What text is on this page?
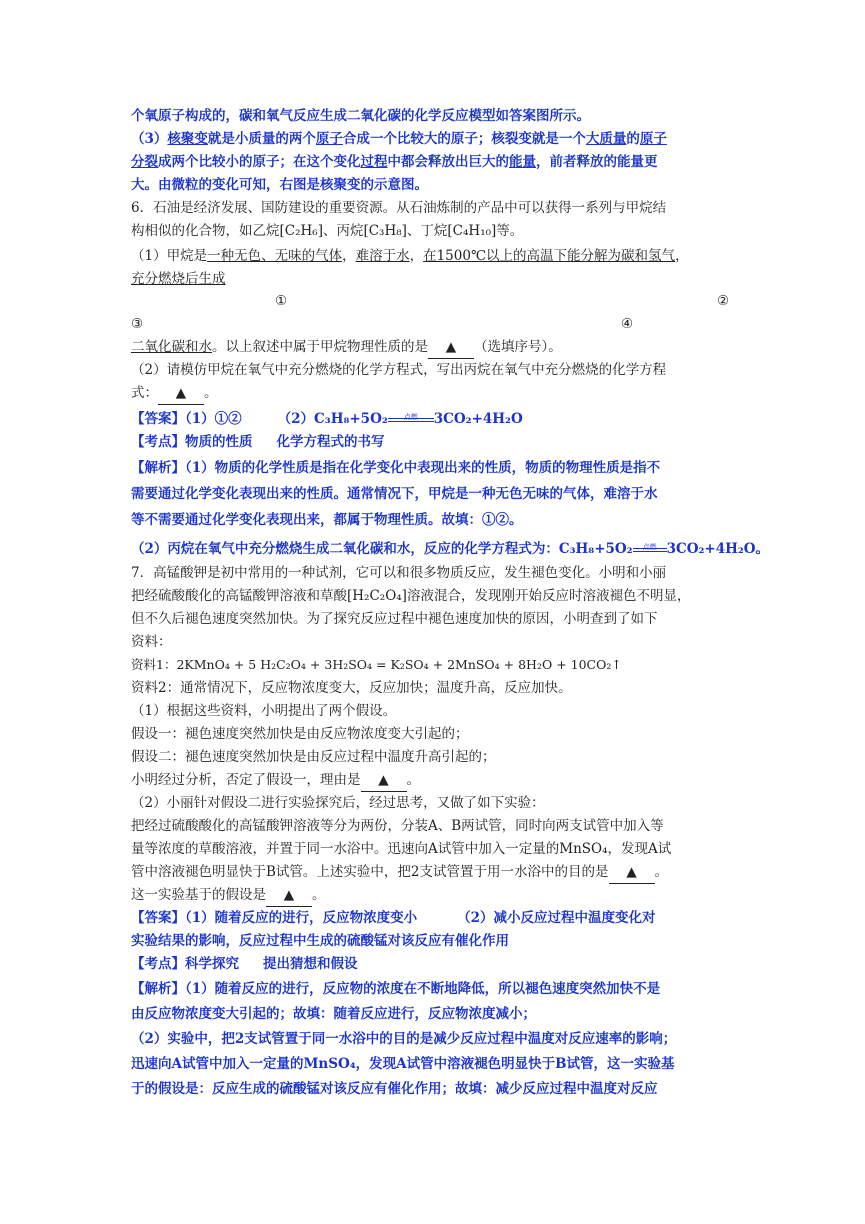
个氧原子构成的，碳和氧气反应生成二氧化碳的化学反应模型如答案图所示。
（3）核聚变就是小质量的两个原子合成一个比较大的原子；核裂变就是一个大质量的原子
分裂成两个比较小的原子；在这个变化过程中都会释放出巨大的能量，前者释放的能量更
大。由微粒的变化可知，右图是核聚变的示意图。
6．石油是经济发展、国防建设的重要资源。从石油炼制的产品中可以获得一系列与甲烷结
构相似的化合物，如乙烷[C₂H₆]、丙烷[C₃H₈]、丁烷[C₄H₁₀]等。
（1）甲烷是一种无色、无味的气体，难溶于水，在1500℃以上的高温下能分解为碳和氢气，
充分燃烧后生成
①	②
③	④
二氧化碳和水。以上叙述中属于甲烷物理性质的是 ▲ （选填序号）。
（2）请模仿甲烷在氧气中充分燃烧的化学方程式，写出丙烷在氧气中充分燃烧的化学方程
式： ▲ 。
【答案】（1）①②	（2）C₃H₈+5O₂	点燃	3CO₂+4H₂O
【考点】物质的性质 化学方程式的书写
【解析】（1）物质的化学性质是指在化学变化中表现出来的性质，物质的物理性质是指不
需要通过化学变化表现出来的性质。通常情况下，甲烷是一种无色无味的气体，难溶于水
等不需要通过化学变化表现出来，都属于物理性质。故填：①②。
（2）丙烷在氧气中充分燃烧生成二氧化碳和水，反应的化学方程式为：C₃H₈+5O₂	点燃 3CO₂+4H₂O。
7．高锰酸钾是初中常用的一种试剂，它可以和很多物质反应，发生褪色变化。小明和小丽
把经硫酸酸化的高锰酸钾溶液和草酸[H₂C₂O₄]溶液混合，发现刚开始反应时溶液褪色不明显，
但不久后褪色速度突然加快。为了探究反应过程中褪色速度加快的原因，小明查到了如下
资料：
资料1：2KMnO₄ + 5 H₂C₂O₄ + 3H₂SO₄ = K₂SO₄ + 2MnSO₄ + 8H₂O + 10CO₂↑
资料2：通常情况下，反应物浓度变大，反应加快；温度升高，反应加快。
（1）根据这些资料，小明提出了两个假设。
假设一：褪色速度突然加快是由反应物浓度变大引起的；
假设二：褪色速度突然加快是由反应过程中温度升高引起的；
小明经过分析，否定了假设一，理由是 ▲ 。
（2）小丽针对假设二进行实验探究后，经过思考，又做了如下实验：
把经过硫酸酸化的高锰酸钾溶液等分为两份，分装A、B两试管，同时向两支试管中加入等
量等浓度的草酸溶液，并置于同一水浴中。迅速向A试管中加入一定量的MnSO₄，发现A试
管中溶液褪色明显快于B试管。上述实验中，把2支试管置于用一水浴中的目的是 ▲ 。
这一实验基于的假设是 ▲ 。
【答案】（1）随着反应的进行，反应物浓度变小	（2）减小反应过程中温度变化对
实验结果的影响，反应过程中生成的硫酸锰对该反应有催化作用
【考点】科学探究 提出猜想和假设
【解析】（1）随着反应的进行，反应物的浓度在不断地降低，所以褪色速度突然加快不是
由反应物浓度变大引起的；故填：随着反应进行，反应物浓度减小；
（2）实验中，把2支试管置于同一水浴中的目的是减少反应过程中温度对反应速率的影响；
迅速向A试管中加入一定量的MnSO₄，发现A试管中溶液褪色明显快于B试管，这一实验基
于的假设是：反应生成的硫酸锰对该反应有催化作用；故填：减少反应过程中温度对反应
